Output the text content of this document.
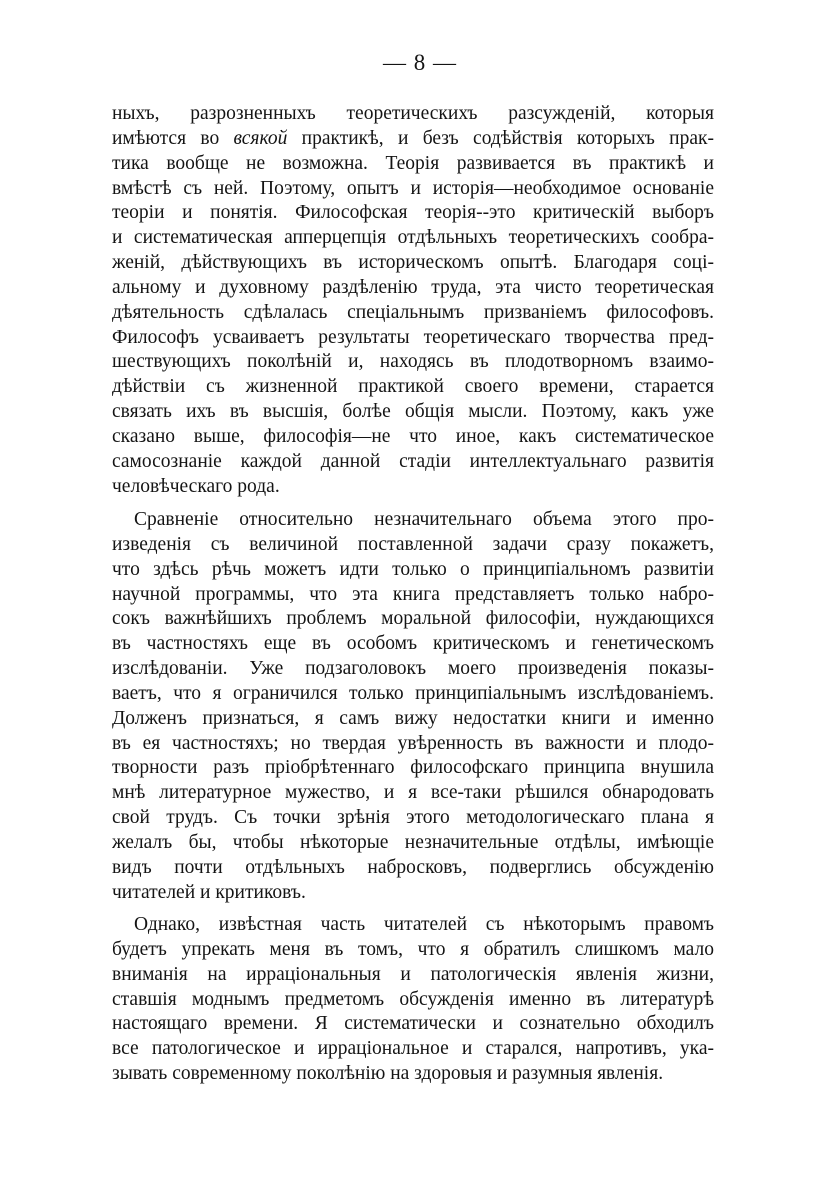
— 8 —
ныхъ, разрозненныхъ теоретическихъ разсужденій, которыя
имѣются во всякой практикѣ, и безъ содѣйствія которыхъ прак-
тика вообще не возможна. Теорія развивается въ практикѣ и
вмѣстѣ съ ней. Поэтому, опытъ и исторія—необходимое основаніе
теоріи и понятія. Философская теорія--это критическій выборъ
и систематическая апперцепція отдѣльныхъ теоретическихъ сообра-
женій, дѣйствующихъ въ историческомъ опытѣ. Благодаря соці-
альному и духовному раздѣленію труда, эта чисто теоретическая
дѣятельность сдѣлалась спеціальнымъ призваніемъ философовъ.
Философъ усваиваетъ результаты теоретическаго творчества пред-
шествующихъ поколѣній и, находясь въ плодотворномъ взаимо-
дѣйствіи съ жизненной практикой своего времени, старается
связать ихъ въ высшія, болѣе общія мысли. Поэтому, какъ уже
сказано выше, философія—не что иное, какъ систематическое
самосознаніе каждой данной стадіи интеллектуальнаго развитія
человѣческаго рода.
Сравненіе относительно незначительнаго объема этого про-
изведенія съ величиной поставленной задачи сразу покажетъ,
что здѣсь рѣчь можетъ идти только о принципіальномъ развитіи
научной программы, что эта книга представляетъ только набро-
сокъ важнѣйшихъ проблемъ моральной философіи, нуждающихся
въ частностяхъ еще въ особомъ критическомъ и генетическомъ
изслѣдованіи. Уже подзаголовокъ моего произведенія показы-
ваетъ, что я ограничился только принципіальнымъ изслѣдованіемъ.
Долженъ признаться, я самъ вижу недостатки книги и именно
въ ея частностяхъ; но твердая увѣренность въ важности и плодо-
творности разъ пріобрѣтеннаго философскаго принципа внушила
мнѣ литературное мужество, и я все-таки рѣшился обнародовать
свой трудъ. Съ точки зрѣнія этого методологическаго плана я
желалъ бы, чтобы нѣкоторые незначительные отдѣлы, имѣющіе
видъ почти отдѣльныхъ набросковъ, подверглись обсужденію
читателей и критиковъ.
Однако, извѣстная часть читателей съ нѣкоторымъ правомъ
будетъ упрекать меня въ томъ, что я обратилъ слишкомъ мало
вниманія на ирраціональныя и патологическія явленія жизни,
ставшія моднымъ предметомъ обсужденія именно въ литературѣ
настоящаго времени. Я систематически и сознательно обходилъ
все патологическое и ирраціональное и старался, напротивъ, ука-
зывать современному поколѣнію на здоровыя и разумныя явленія.
